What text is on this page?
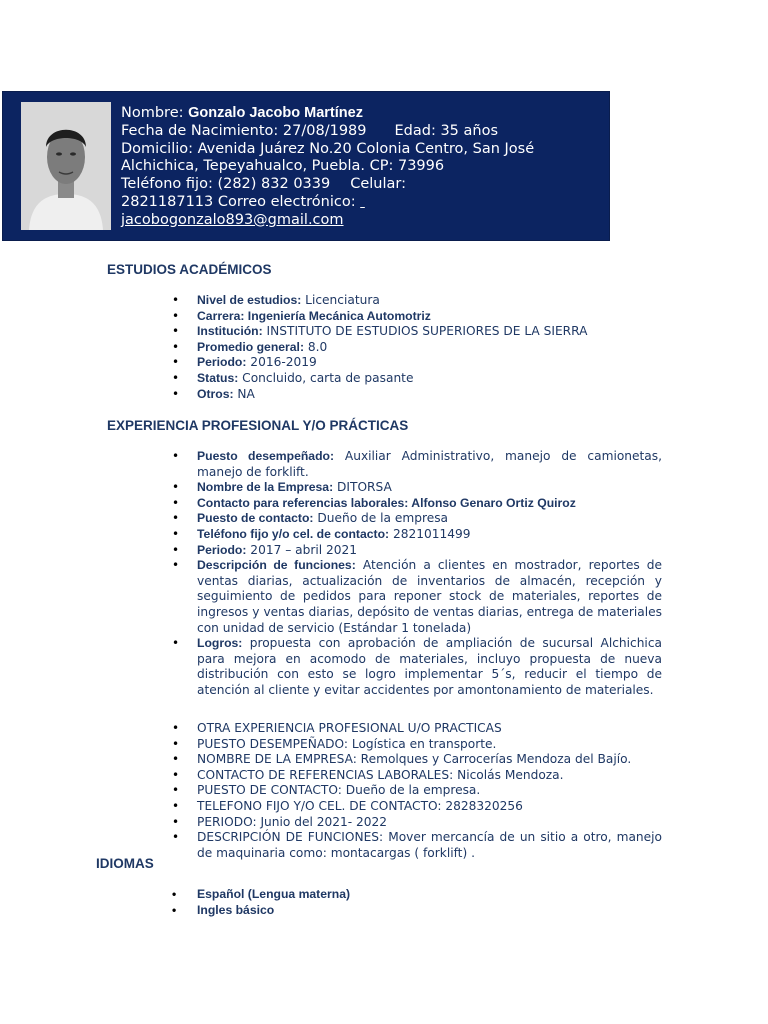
Nombre: Gonzalo Jacobo Martínez
Fecha de Nacimiento: 27/08/1989 Edad: 35 años
Domicilio: Avenida Juárez No.20 Colonia Centro, San José Alchichica, Tepeyahualco, Puebla. CP: 73996
Teléfono fijo: (282) 832 0339 Celular:
2821187113 Correo electrónico:
jacobogonzalo893@gmail.com
ESTUDIOS ACADÉMICOS
• Nivel de estudios: Licenciatura
• Carrera: Ingeniería Mecánica Automotriz
• Institución: INSTITUTO DE ESTUDIOS SUPERIORES DE LA SIERRA
• Promedio general: 8.0
• Periodo: 2016-2019
• Status: Concluido, carta de pasante
• Otros: NA
EXPERIENCIA PROFESIONAL Y/O PRÁCTICAS
• Puesto desempeñado: Auxiliar Administrativo, manejo de camionetas, manejo de forklift.
• Nombre de la Empresa: DITORSA
• Contacto para referencias laborales: Alfonso Genaro Ortiz Quiroz
• Puesto de contacto: Dueño de la empresa
• Teléfono fijo y/o cel. de contacto: 2821011499
• Periodo: 2017 – abril 2021
• Descripción de funciones: Atención a clientes en mostrador, reportes de ventas diarias, actualización de inventarios de almacén, recepción y seguimiento de pedidos para reponer stock de materiales, reportes de ingresos y ventas diarias, depósito de ventas diarias, entrega de materiales con unidad de servicio (Estándar 1 tonelada)
• Logros: propuesta con aprobación de ampliación de sucursal Alchichica para mejora en acomodo de materiales, incluyo propuesta de nueva distribución con esto se logro implementar 5´s, reducir el tiempo de atención al cliente y evitar accidentes por amontonamiento de materiales.
• OTRA EXPERIENCIA PROFESIONAL U/O PRACTICAS
• PUESTO DESEMPEÑADO: Logística en transporte.
• NOMBRE DE LA EMPRESA: Remolques y Carrocerías Mendoza del Bajío.
• CONTACTO DE REFERENCIAS LABORALES: Nicolás Mendoza.
• PUESTO DE CONTACTO: Dueño de la empresa.
• TELEFONO FIJO Y/O CEL. DE CONTACTO: 2828320256
• PERIODO: Junio del 2021- 2022
• DESCRIPCIÓN DE FUNCIONES: Mover mercancía de un sitio a otro, manejo de maquinaria como: montacargas ( forklift) .
IDIOMAS
• Español (Lengua materna)
• Ingles básico
